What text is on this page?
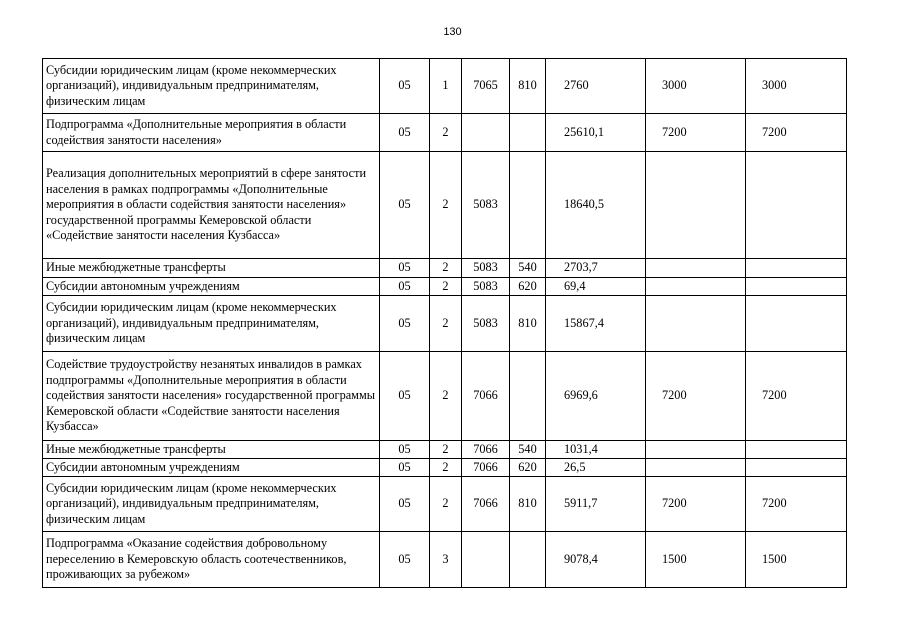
130
Субсидии юридическим лицам (кроме некоммерческих организаций), индивидуальным предпринимателям, физическим лицам	05	1	7065	810	2760	3000	3000
Подпрограмма «Дополнительные мероприятия в области содействия занятости населения»	05	2			25610,1	7200	7200
Реализация дополнительных мероприятий в сфере занятости населения в рамках подпрограммы «Дополнительные мероприятия в области содействия занятости населения» государственной программы Кемеровской области «Содействие занятости населения Кузбасса»	05	2	5083		18640,5		
Иные межбюджетные трансферты	05	2	5083	540	2703,7		
Субсидии автономным учреждениям	05	2	5083	620	69,4		
Субсидии юридическим лицам (кроме некоммерческих организаций), индивидуальным предпринимателям, физическим лицам	05	2	5083	810	15867,4		
Содействие трудоустройству незанятых инвалидов в рамках подпрограммы «Дополнительные мероприятия в области содействия занятости населения» государственной программы Кемеровской области «Содействие занятости населения Кузбасса»	05	2	7066		6969,6	7200	7200
Иные межбюджетные трансферты	05	2	7066	540	1031,4		
Субсидии автономным учреждениям	05	2	7066	620	26,5		
Субсидии юридическим лицам (кроме некоммерческих организаций), индивидуальным предпринимателям, физическим лицам	05	2	7066	810	5911,7	7200	7200
Подпрограмма «Оказание содействия добровольному переселению в Кемеровскую область соотечественников, проживающих за рубежом»	05	3			9078,4	1500	1500
